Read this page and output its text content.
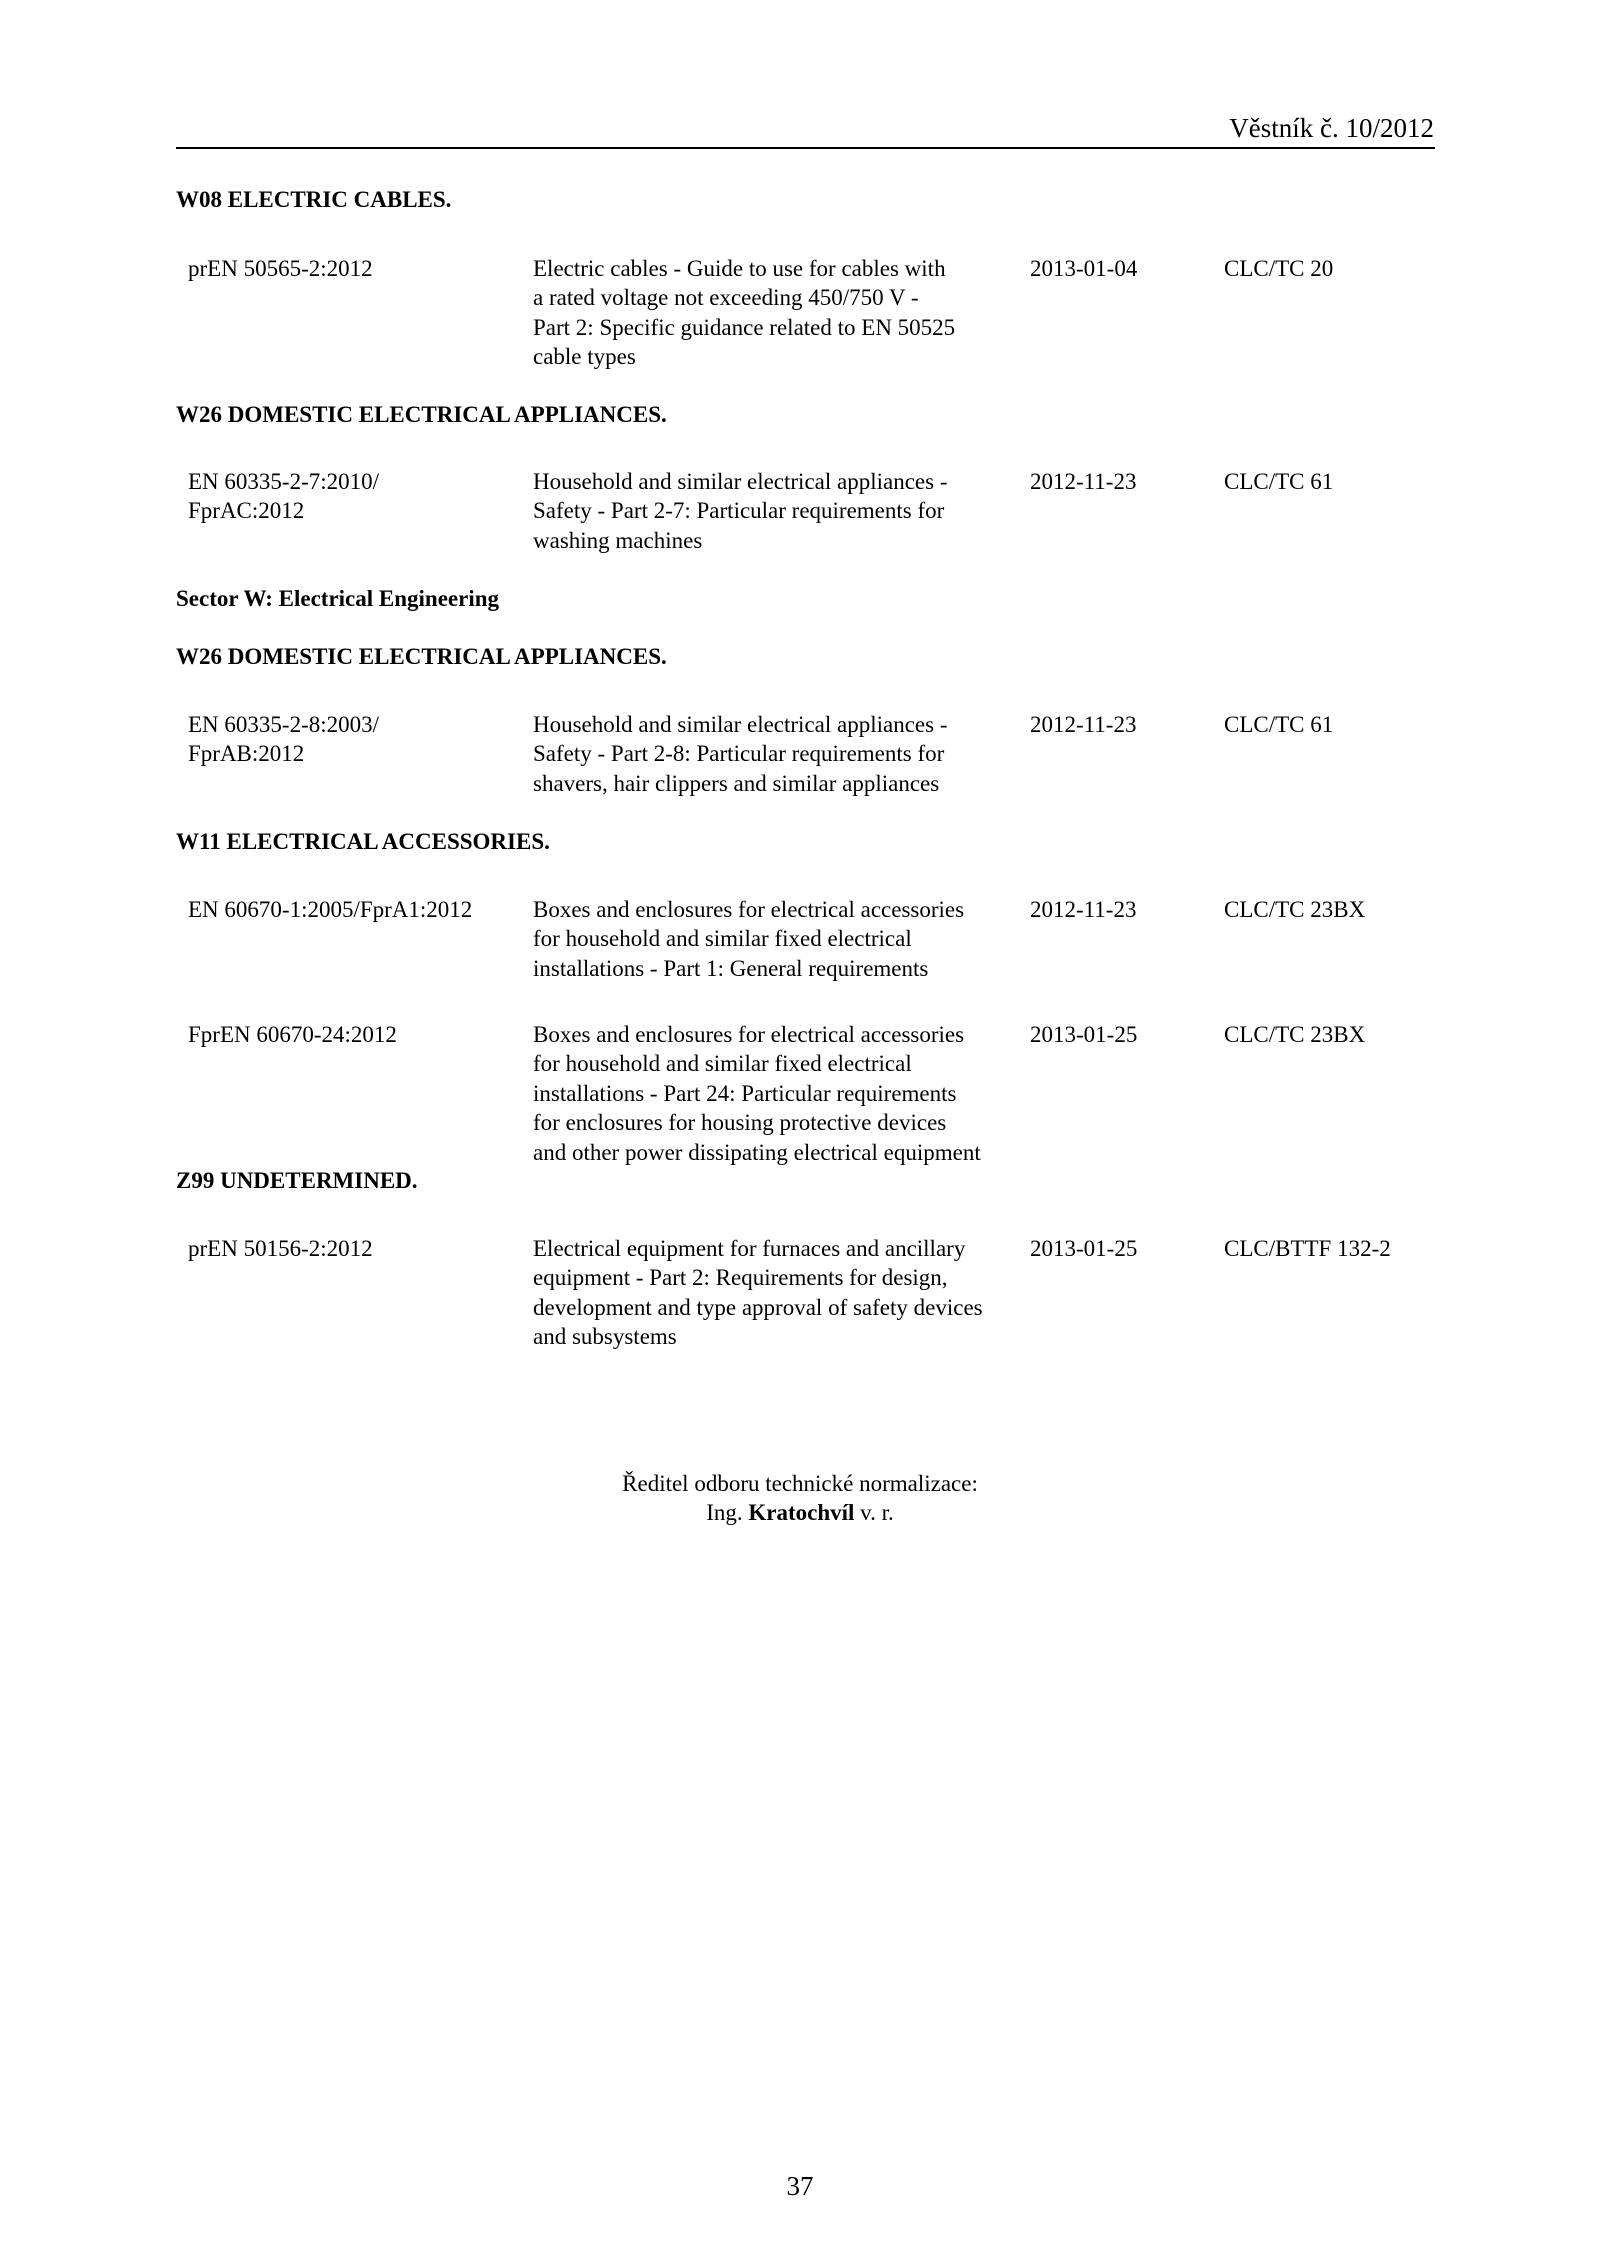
Věstník č. 10/2012
W08 ELECTRIC CABLES.
prEN 50565-2:2012	Electric cables - Guide to use for cables with
a rated voltage not exceeding 450/750 V -
Part 2: Specific guidance related to EN 50525
cable types
2013-01-04	CLC/TC 20
W26 DOMESTIC ELECTRICAL APPLIANCES.
EN 60335-2-7:2010/
FprAC:2012
Household and similar electrical appliances -
Safety - Part 2-7: Particular requirements for
washing machines
2012-11-23	CLC/TC 61
Sector W: Electrical Engineering
W26 DOMESTIC ELECTRICAL APPLIANCES.
EN 60335-2-8:2003/
FprAB:2012
Household and similar electrical appliances -
Safety - Part 2-8: Particular requirements for
shavers, hair clippers and similar appliances
2012-11-23	CLC/TC 61
W11 ELECTRICAL ACCESSORIES.
EN 60670-1:2005/FprA1:2012	Boxes and enclosures for electrical accessories
for household and similar fixed electrical
installations - Part 1: General requirements
2012-11-23	CLC/TC 23BX
FprEN 60670-24:2012	Boxes and enclosures for electrical accessories
for household and similar fixed electrical
installations - Part 24: Particular requirements
for enclosures for housing protective devices
and other power dissipating electrical equipment
2013-01-25	CLC/TC 23BX
Z99 UNDETERMINED.
prEN 50156-2:2012	Electrical equipment for furnaces and ancillary
equipment - Part 2: Requirements for design,
development and type approval of safety devices
and subsystems
2013-01-25	CLC/BTTF 132-2
Ředitel odboru technické normalizace:
Ing. Kratochvíl v. r.
37
